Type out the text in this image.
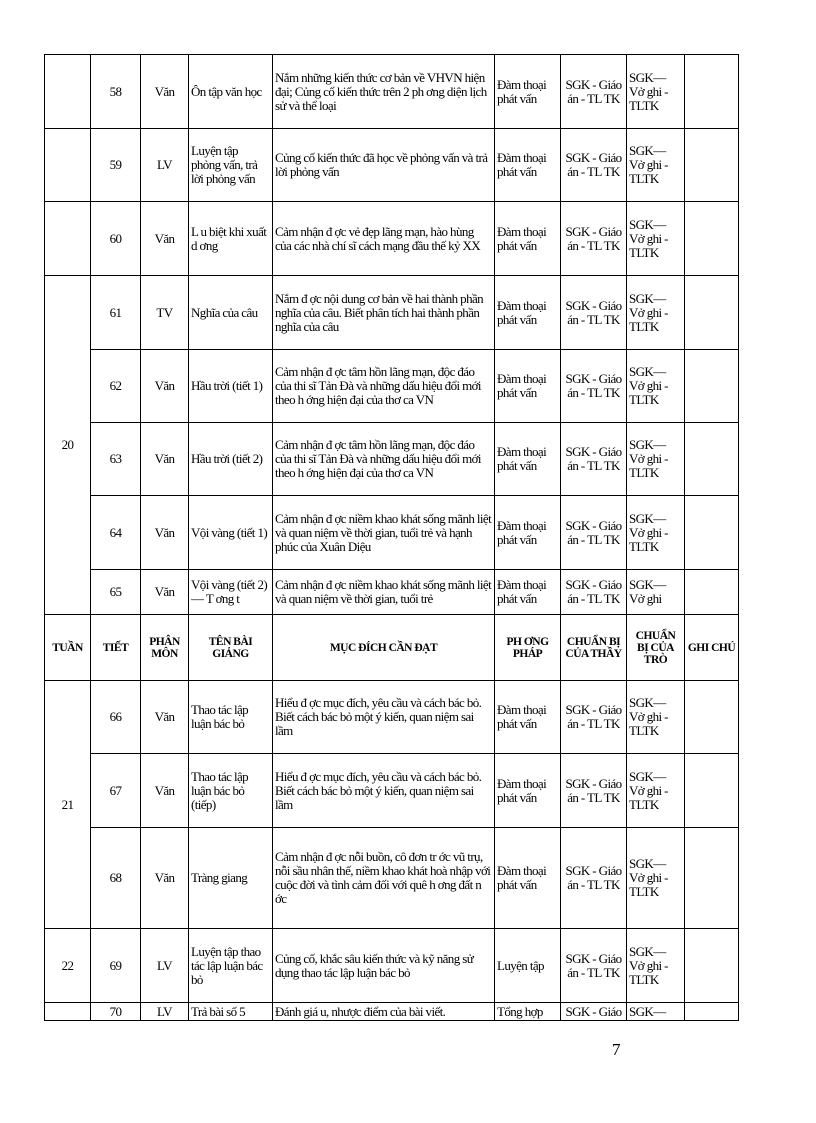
	58	Văn	Ôn tập văn học	Nắm những kiến thức cơ bản về VHVN hiện đại; Củng cố kiến thức trên 2 ph ơng diện lịch sử và thể loại	Đàm thoại phát vấn	SGK - Giáo án - TL TK	SGK— Vở ghi - TLTK	
	59	LV	Luyện tập phỏng vấn, trả lời phỏng vấn	Củng cố kiến thức đã học về phỏng vấn và trả lời phỏng vấn	Đàm thoại phát vấn	SGK - Giáo án - TL TK	SGK— Vở ghi - TLTK	
	60	Văn	L u biệt khi xuất d ơng	Cảm nhận đ ợc vẻ đẹp lãng mạn, hào hùng của các nhà chí sĩ cách mạng đầu thế kỷ XX	Đàm thoại phát vấn	SGK - Giáo án - TL TK	SGK— Vở ghi - TLTK	
20	61	TV	Nghĩa của câu	Nắm đ ợc nội dung cơ bản về hai thành phần nghĩa của câu. Biết phân tích hai thành phần nghĩa của câu	Đàm thoại phát vấn	SGK - Giáo án - TL TK	SGK— Vở ghi - TLTK	
	62	Văn	Hầu trời (tiết 1)	Cảm nhận đ ợc tâm hồn lãng mạn, độc đáo của thi sĩ Tản Đà và những dấu hiệu đổi mới theo h ớng hiện đại của thơ ca VN	Đàm thoại phát vấn	SGK - Giáo án - TL TK	SGK— Vở ghi - TLTK	
	63	Văn	Hầu trời (tiết 2)	Cảm nhận đ ợc tâm hồn lãng mạn, độc đáo của thi sĩ Tản Đà và những dấu hiệu đổi mới theo h ớng hiện đại của thơ ca VN	Đàm thoại phát vấn	SGK - Giáo án - TL TK	SGK— Vở ghi - TLTK	
	64	Văn	Vội vàng (tiết 1)	Cảm nhận đ ợc niềm khao khát sống mãnh liệt và quan niệm về thời gian, tuổi trẻ và hạnh phúc của Xuân Diệu	Đàm thoại phát vấn	SGK - Giáo án - TL TK	SGK— Vở ghi - TLTK	
	65	Văn	Vội vàng (tiết 2) — T ơng t	Cảm nhận đ ợc niềm khao khát sống mãnh liệt và quan niệm về thời gian, tuổi trẻ	Đàm thoại phát vấn	SGK - Giáo án - TL TK	SGK— Vở ghi	
TUẦN	TIẾT	PHÂN MÔN	TÊN BÀI GIẢNG	MỤC ĐÍCH CẦN ĐẠT	PH ƠNG PHÁP	CHUẨN BỊ CỦA THẦY	CHUẨN BỊ CỦA TRÒ	GHI CHÚ
21	66	Văn	Thao tác lập luận bác bỏ	Hiểu đ ợc mục đích, yêu cầu và cách bác bỏ. Biết cách bác bỏ một ý kiến, quan niệm sai lầm	Đàm thoại phát vấn	SGK - Giáo án - TL TK	SGK— Vở ghi - TLTK	
	67	Văn	Thao tác lập luận bác bỏ (tiếp)	Hiểu đ ợc mục đích, yêu cầu và cách bác bỏ. Biết cách bác bỏ một ý kiến, quan niệm sai lầm	Đàm thoại phát vấn	SGK - Giáo án - TL TK	SGK— Vở ghi - TLTK	
	68	Văn	Tràng giang	Cảm nhận đ ợc nỗi buồn, cô đơn tr ớc vũ trụ, nỗi sầu nhân thế, niềm khao khát hoà nhập với cuộc đời và tình cảm đối với quê h ơng đất n ớc	Đàm thoại phát vấn	SGK - Giáo án - TL TK	SGK— Vở ghi - TLTK	
22	69	LV	Luyện tập thao tác lập luận bác bỏ	Củng cố, khắc sâu kiến thức và kỹ năng sử dụng thao tác lập luận bác bỏ	Luyện tập	SGK - Giáo án - TL TK	SGK— Vở ghi - TLTK	
	70	LV	Trả bài số 5	Đánh giá u, nhược điểm của bài viết.	Tổng hợp	SGK - Giáo	SGK—	
7
